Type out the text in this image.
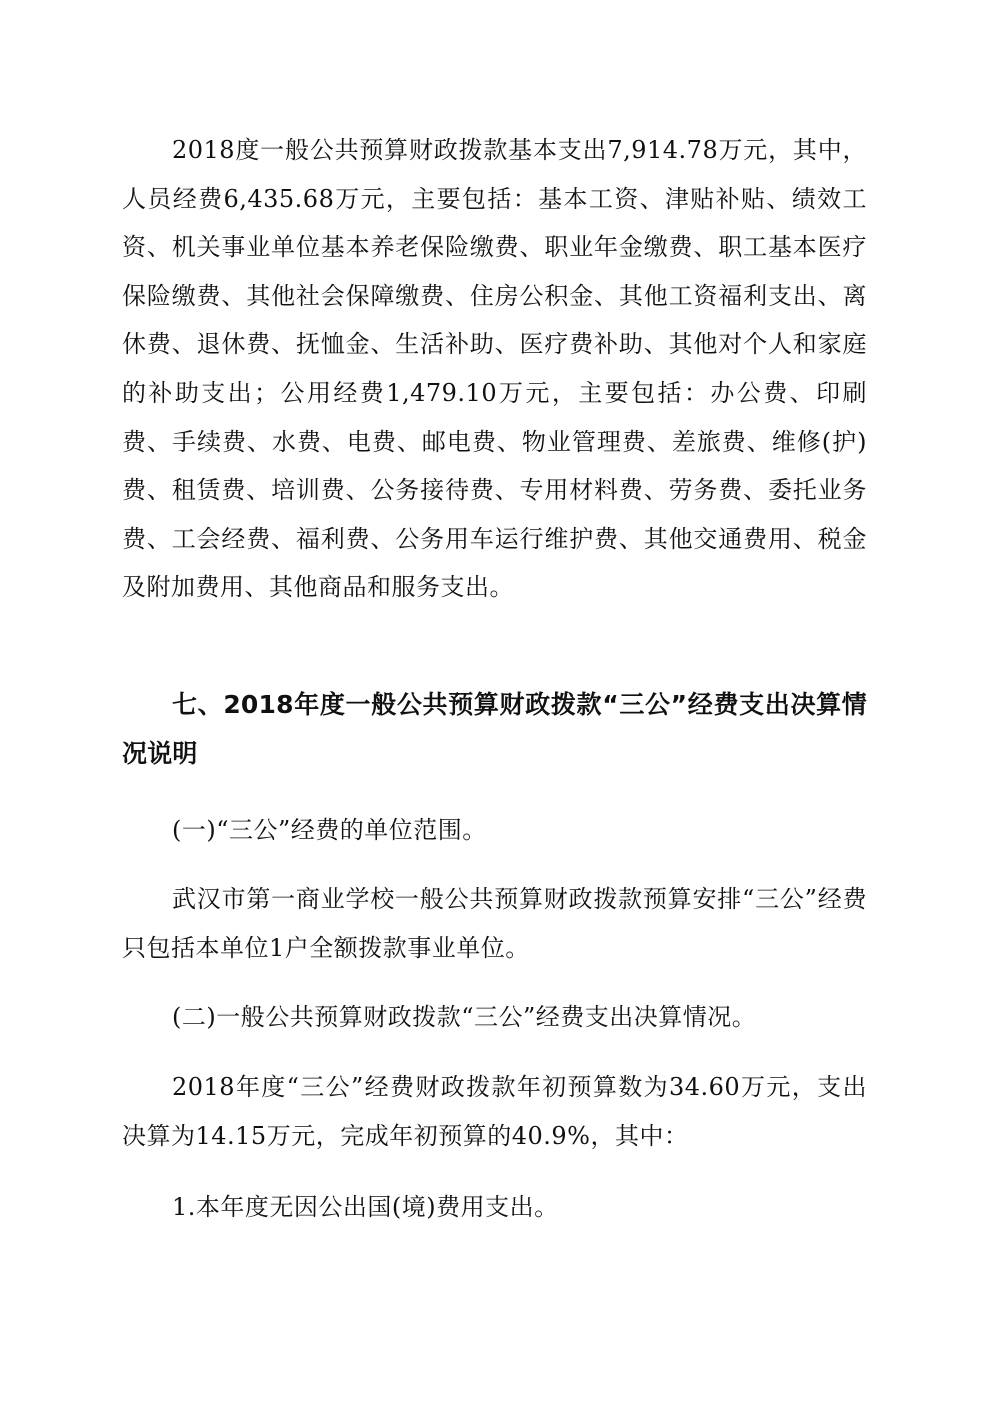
2018度一般公共预算财政拨款基本支出7,914.78万元，其中，人员经费6,435.68万元，主要包括：基本工资、津贴补贴、绩效工资、机关事业单位基本养老保险缴费、职业年金缴费、职工基本医疗保险缴费、其他社会保障缴费、住房公积金、其他工资福利支出、离休费、退休费、抚恤金、生活补助、医疗费补助、其他对个人和家庭的补助支出；公用经费1,479.10万元，主要包括：办公费、印刷费、手续费、水费、电费、邮电费、物业管理费、差旅费、维修(护)费、租赁费、培训费、公务接待费、专用材料费、劳务费、委托业务费、工会经费、福利费、公务用车运行维护费、其他交通费用、税金及附加费用、其他商品和服务支出。

七、2018年度一般公共预算财政拨款“三公”经费支出决算情况说明

(一)“三公”经费的单位范围。

武汉市第一商业学校一般公共预算财政拨款预算安排“三公”经费只包括本单位1户全额拨款事业单位。

(二)一般公共预算财政拨款“三公”经费支出决算情况。

2018年度“三公”经费财政拨款年初预算数为34.60万元，支出决算为14.15万元，完成年初预算的40.9%，其中：

1.本年度无因公出国(境)费用支出。
